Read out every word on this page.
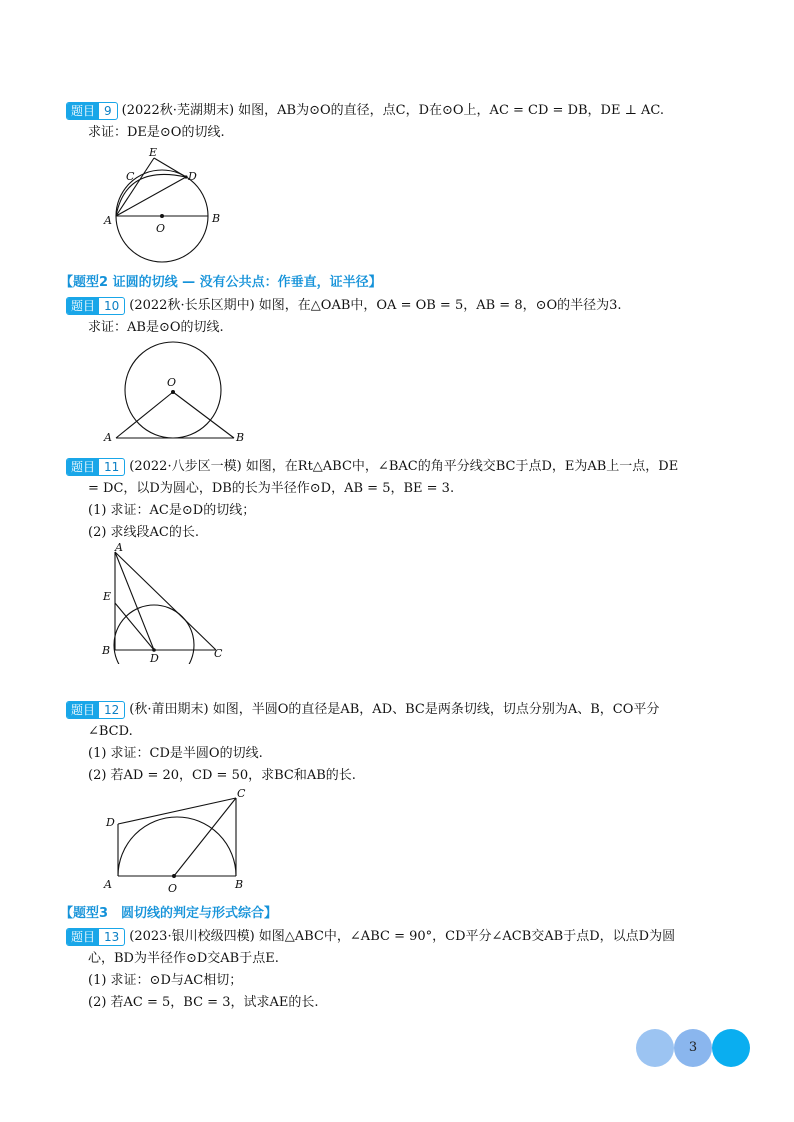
题目 9 (2022秋·芜湖期末) 如图，AB为⊙O的直径，点C，D在⊙O上，AC = CD = DB，DE ⊥ AC.
求证：DE是⊙O的切线.
E
C	D
A
O
B
【题型2 证圆的切线 — 没有公共点：作垂直，证半径】
题目 10 (2022秋·长乐区期中) 如图，在△OAB中，OA = OB = 5，AB = 8，⊙O的半径为3.
求证：AB是⊙O的切线.
O
A	B
题目 11 (2022·八步区一模) 如图，在Rt△ABC中，∠BAC的角平分线交BC于点D，E为AB上一点，DE
= DC，以D为圆心，DB的长为半径作⊙D，AB = 5，BE = 3.
(1) 求证：AC是⊙D的切线；
(2) 求线段AC的长.
A
E
B
D	C
题目 12 (秋·莆田期末) 如图，半圆O的直径是AB，AD、BC是两条切线，切点分别为A、B，CO平分
∠BCD.
(1) 求证：CD是半圆O的切线.
(2) 若AD = 20，CD = 50，求BC和AB的长.
C
D
A	O	B
【题型3　圆切线的判定与形式综合】
题目 13 (2023·银川校级四模) 如图△ABC中，∠ABC = 90°，CD平分∠ACB交AB于点D，以点D为圆
心，BD为半径作⊙D交AB于点E.
(1) 求证：⊙D与AC相切；
(2) 若AC = 5，BC = 3，试求AE的长.
3
